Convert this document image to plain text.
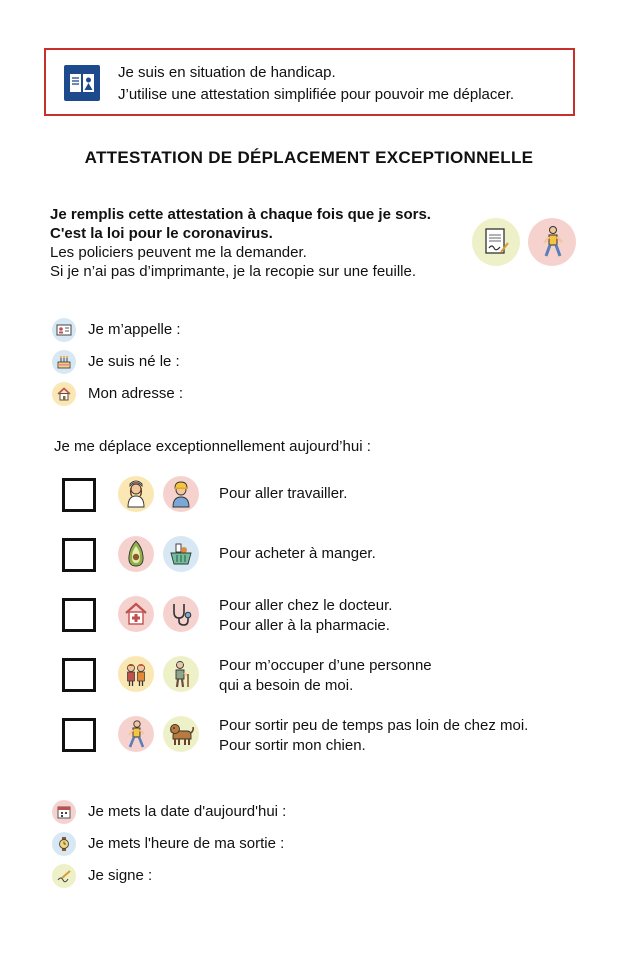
Je suis en situation de handicap.
J’utilise une attestation simplifiée pour pouvoir me déplacer.
ATTESTATION DE DÉPLACEMENT EXCEPTIONNELLE
Je remplis cette attestation à chaque fois que je sors.
C'est la loi pour le coronavirus.
Les policiers peuvent me la demander.
Si je n’ai pas d’imprimante, je la recopie sur une feuille.
Je m’appelle :
Je suis né le :
Mon adresse :
Je me déplace exceptionnellement aujourd’hui :
Pour aller travailler.
Pour acheter à manger.
Pour aller chez le docteur.
Pour aller à la pharmacie.
Pour m’occuper d’une personne
qui a besoin de moi.
Pour sortir peu de temps pas loin de chez moi.
Pour sortir mon chien.
Je mets la date d'aujourd'hui :
Je mets l'heure de ma sortie :
Je signe :
